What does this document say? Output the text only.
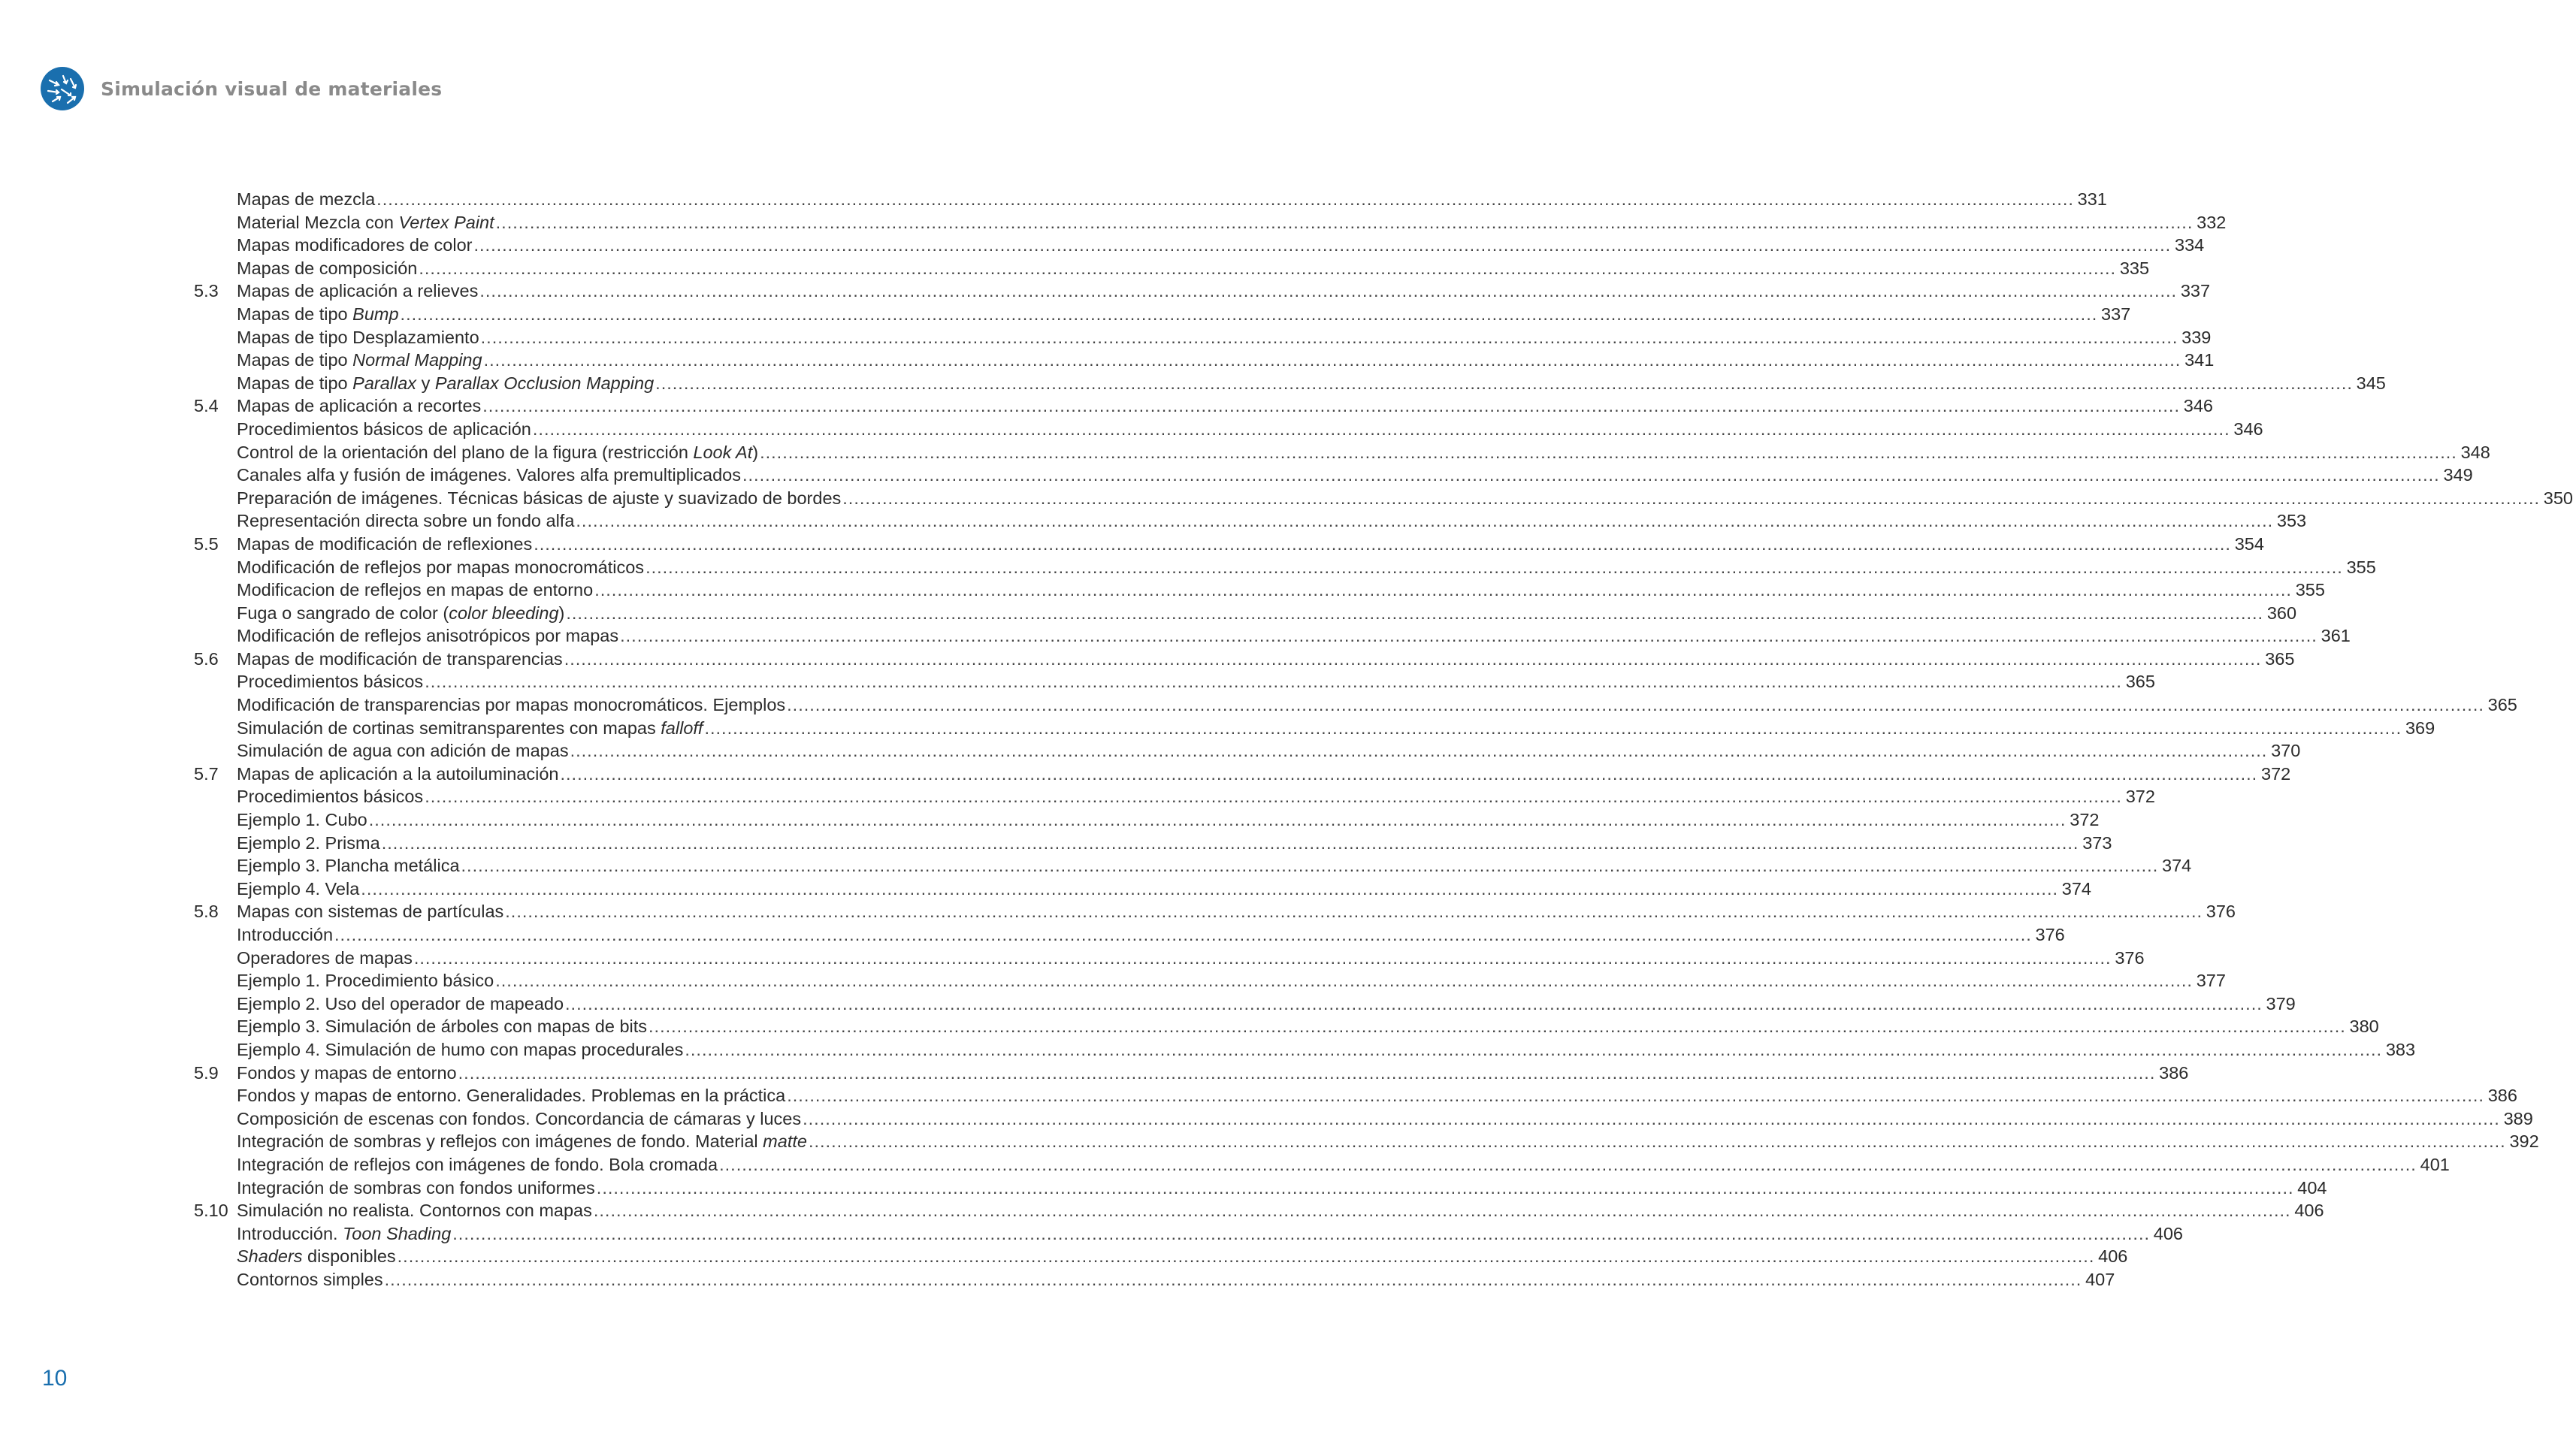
Simulación visual de materiales
Mapas de mezcla ............................................................................................................................................................................................................................................................................................................ 331
Material Mezcla con Vertex Paint ............................................................................................................................................................................................................................................................................................................ 332
Mapas modificadores de color ............................................................................................................................................................................................................................................................................................................ 334
Mapas de composición ............................................................................................................................................................................................................................................................................................................ 335
5.3	Mapas de aplicación a relieves ............................................................................................................................................................................................................................................................................................................ 337
Mapas de tipo Bump ............................................................................................................................................................................................................................................................................................................ 337
Mapas de tipo Desplazamiento ............................................................................................................................................................................................................................................................................................................ 339
Mapas de tipo Normal Mapping ............................................................................................................................................................................................................................................................................................................ 341
Mapas de tipo Parallax y Parallax Occlusion Mapping ............................................................................................................................................................................................................................................................................................................ 345
5.4	Mapas de aplicación a recortes ............................................................................................................................................................................................................................................................................................................ 346
Procedimientos básicos de aplicación ............................................................................................................................................................................................................................................................................................................ 346
Control de la orientación del plano de la figura (restricción Look At) ............................................................................................................................................................................................................................................................................................................ 348
Canales alfa y fusión de imágenes. Valores alfa premultiplicados ............................................................................................................................................................................................................................................................................................................ 349
Preparación de imágenes. Técnicas básicas de ajuste y suavizado de bordes ............................................................................................................................................................................................................................................................................................................ 350
Representación directa sobre un fondo alfa ............................................................................................................................................................................................................................................................................................................ 353
5.5	Mapas de modificación de reflexiones ............................................................................................................................................................................................................................................................................................................ 354
Modificación de reflejos por mapas monocromáticos ............................................................................................................................................................................................................................................................................................................ 355
Modificacion de reflejos en mapas de entorno ............................................................................................................................................................................................................................................................................................................ 355
Fuga o sangrado de color (color bleeding) ............................................................................................................................................................................................................................................................................................................ 360
Modificación de reflejos anisotrópicos por mapas ............................................................................................................................................................................................................................................................................................................ 361
5.6	Mapas de modificación de transparencias ............................................................................................................................................................................................................................................................................................................ 365
Procedimientos básicos ............................................................................................................................................................................................................................................................................................................ 365
Modificación de transparencias por mapas monocromáticos. Ejemplos ............................................................................................................................................................................................................................................................................................................ 365
Simulación de cortinas semitransparentes con mapas falloff ............................................................................................................................................................................................................................................................................................................ 369
Simulación de agua con adición de mapas ............................................................................................................................................................................................................................................................................................................ 370
5.7	Mapas de aplicación a la autoiluminación ............................................................................................................................................................................................................................................................................................................ 372
Procedimientos básicos ............................................................................................................................................................................................................................................................................................................ 372
Ejemplo 1. Cubo ............................................................................................................................................................................................................................................................................................................ 372
Ejemplo 2. Prisma ............................................................................................................................................................................................................................................................................................................ 373
Ejemplo 3. Plancha metálica ............................................................................................................................................................................................................................................................................................................ 374
Ejemplo 4. Vela ............................................................................................................................................................................................................................................................................................................ 374
5.8	Mapas con sistemas de partículas ............................................................................................................................................................................................................................................................................................................ 376
Introducción ............................................................................................................................................................................................................................................................................................................ 376
Operadores de mapas ............................................................................................................................................................................................................................................................................................................ 376
Ejemplo 1. Procedimiento básico ............................................................................................................................................................................................................................................................................................................ 377
Ejemplo 2. Uso del operador de mapeado ............................................................................................................................................................................................................................................................................................................ 379
Ejemplo 3. Simulación de árboles con mapas de bits ............................................................................................................................................................................................................................................................................................................ 380
Ejemplo 4. Simulación de humo con mapas procedurales ............................................................................................................................................................................................................................................................................................................ 383
5.9	Fondos y mapas de entorno ............................................................................................................................................................................................................................................................................................................ 386
Fondos y mapas de entorno. Generalidades. Problemas en la práctica ............................................................................................................................................................................................................................................................................................................ 386
Composición de escenas con fondos. Concordancia de cámaras y luces ............................................................................................................................................................................................................................................................................................................ 389
Integración de sombras y reflejos con imágenes de fondo. Material matte ............................................................................................................................................................................................................................................................................................................ 392
Integración de reflejos con imágenes de fondo. Bola cromada ............................................................................................................................................................................................................................................................................................................ 401
Integración de sombras con fondos uniformes ............................................................................................................................................................................................................................................................................................................ 404
5.10 Simulación no realista. Contornos con mapas ............................................................................................................................................................................................................................................................................................................ 406
Introducción. Toon Shading ............................................................................................................................................................................................................................................................................................................ 406
Shaders disponibles ............................................................................................................................................................................................................................................................................................................ 406
Contornos simples ............................................................................................................................................................................................................................................................................................................ 407
10
